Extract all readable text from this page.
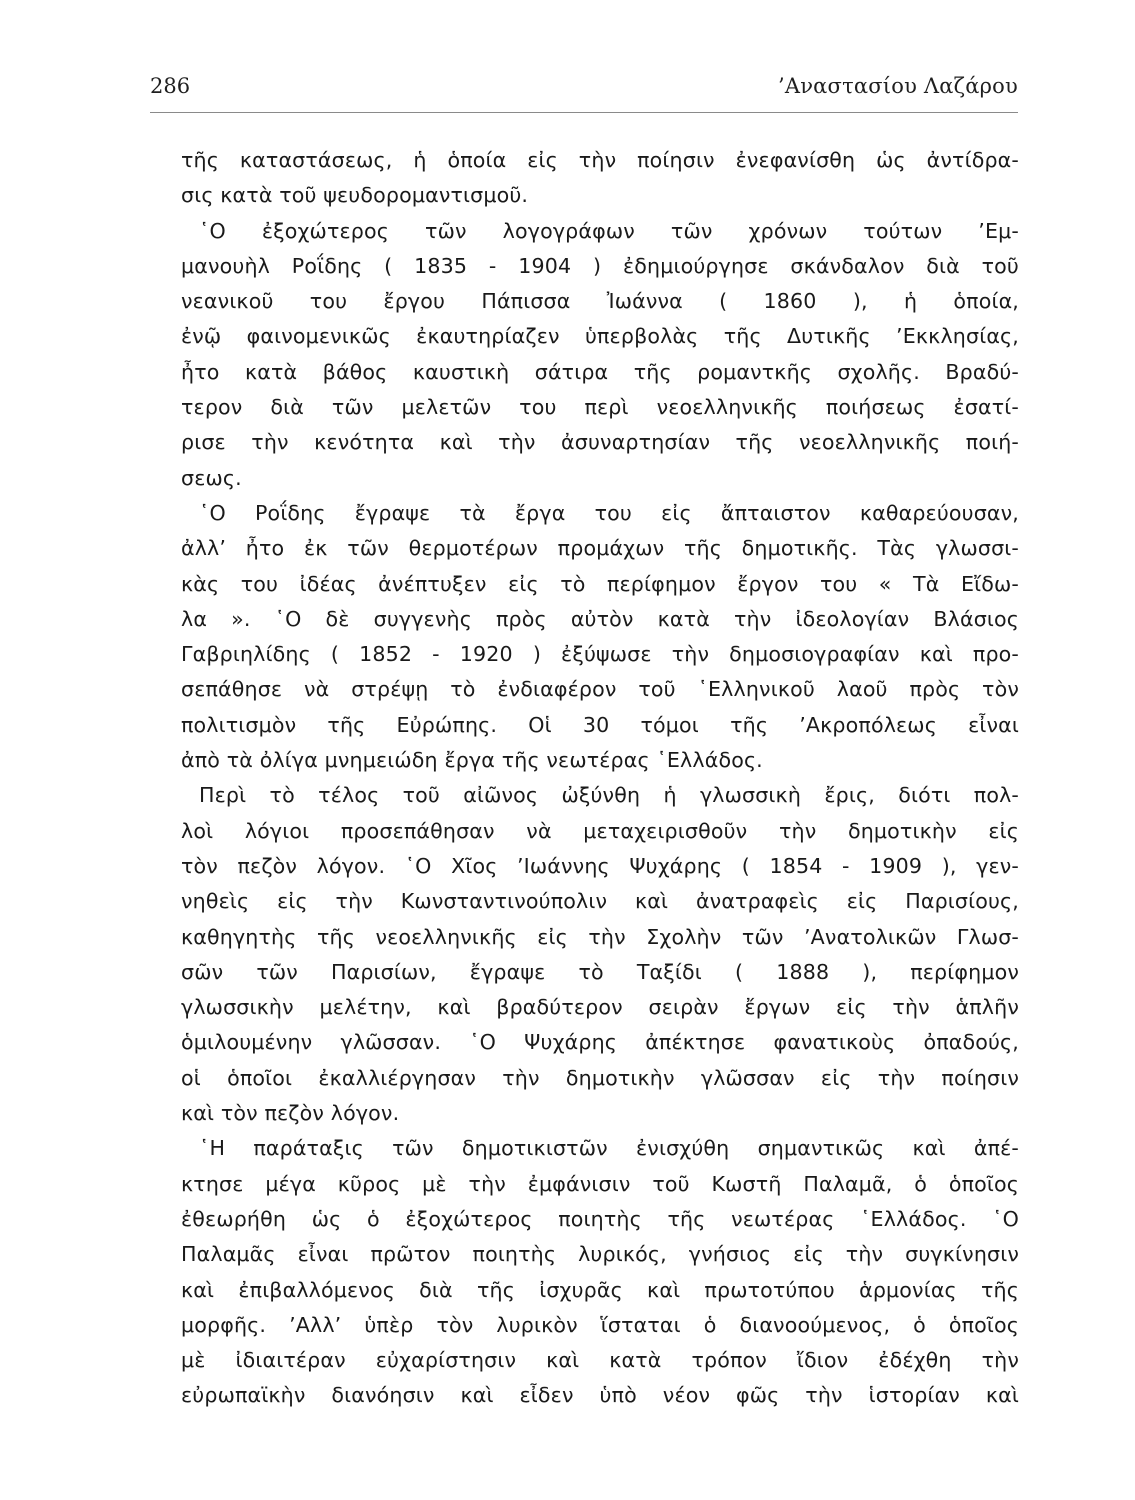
286	’Αναστασίου Λαζάρου
τῆς καταστάσεως, ἡ ὁποία εἰς τὴν ποίησιν ἐνεφανίσθη ὡς ἀντίδρα-
σις κατὰ τοῦ ψευδορομαντισμοῦ.
῾Ο ἐξοχώτερος τῶν λογογράφων τῶν χρόνων τούτων ’Εμ-
μανουὴλ Ροΐδης ( 1835 - 1904 ) ἐδημιούργησε σκάνδαλον διὰ τοῦ
νεανικοῦ του ἔργου Πάπισσα Ἰωάννα ( 1860 ), ἡ ὁποία,
ἐνῷ φαινομενικῶς ἐκαυτηρίαζεν ὑπερβολὰς τῆς Δυτικῆς ’Εκκλησίας,
ἦτο κατὰ βάθος καυστικὴ σάτιρα τῆς ρομαντκῆς σχολῆς. Βραδύ-
τερον διὰ τῶν μελετῶν του περὶ νεοελληνικῆς ποιήσεως ἐσατί-
ρισε τὴν κενότητα καὶ τὴν ἀσυναρτησίαν τῆς νεοελληνικῆς ποιή-
σεως.
῾Ο Ροΐδης ἔγραψε τὰ ἔργα του εἰς ἄπταιστον καθαρεύουσαν,
ἀλλ’ ἦτο ἐκ τῶν θερμοτέρων προμάχων τῆς δημοτικῆς. Τὰς γλωσσι-
κὰς του ἰδέας ἀνέπτυξεν εἰς τὸ περίφημον ἔργον του « Τὰ Εἴδω-
λα ». ῾Ο δὲ συγγενὴς πρὸς αὐτὸν κατὰ τὴν ἰδεολογίαν Βλάσιος
Γαβριηλίδης ( 1852 - 1920 ) ἐξύψωσε τὴν δημοσιογραφίαν καὶ προ-
σεπάθησε νὰ στρέψῃ τὸ ἐνδιαφέρον τοῦ ῾Ελληνικοῦ λαοῦ πρὸς τὸν
πολιτισμὸν τῆς Εὐρώπης. Οἱ 30 τόμοι τῆς ’Ακροπόλεως εἶναι
ἀπὸ τὰ ὀλίγα μνημειώδη ἔργα τῆς νεωτέρας ῾Ελλάδος.
Περὶ τὸ τέλος τοῦ αἰῶνος ὠξύνθη ἡ γλωσσικὴ ἔρις, διότι πολ-
λοὶ λόγιοι προσεπάθησαν νὰ μεταχειρισθοῦν τὴν δημοτικὴν εἰς
τὸν πεζὸν λόγον. ῾Ο Χῖος ’Ιωάννης Ψυχάρης ( 1854 - 1909 ), γεν-
νηθεὶς εἰς τὴν Κωνσταντινούπολιν καὶ ἀνατραφεὶς εἰς Παρισίους,
καθηγητὴς τῆς νεοελληνικῆς εἰς τὴν Σχολὴν τῶν ’Ανατολικῶν Γλωσ-
σῶν τῶν Παρισίων, ἔγραψε τὸ Ταξίδι ( 1888 ), περίφημον
γλωσσικὴν μελέτην, καὶ βραδύτερον σειρὰν ἔργων εἰς τὴν ἁπλῆν
ὁμιλουμένην γλῶσσαν. ῾Ο Ψυχάρης ἀπέκτησε φανατικοὺς ὀπαδούς,
οἱ ὁποῖοι ἐκαλλιέργησαν τὴν δημοτικὴν γλῶσσαν εἰς τὴν ποίησιν
καὶ τὸν πεζὸν λόγον.
῾Η παράταξις τῶν δημοτικιστῶν ἐνισχύθη σημαντικῶς καὶ ἀπέ-
κτησε μέγα κῦρος μὲ τὴν ἐμφάνισιν τοῦ Κωστῆ Παλαμᾶ, ὁ ὁποῖος
ἐθεωρήθη ὡς ὁ ἐξοχώτερος ποιητὴς τῆς νεωτέρας ῾Ελλάδος. ῾Ο
Παλαμᾶς εἶναι πρῶτον ποιητὴς λυρικός, γνήσιος εἰς τὴν συγκίνησιν
καὶ ἐπιβαλλόμενος διὰ τῆς ἰσχυρᾶς καὶ πρωτοτύπου ἁρμονίας τῆς
μορφῆς. ’Αλλ’ ὑπὲρ τὸν λυρικὸν ἵσταται ὁ διανοούμενος, ὁ ὁποῖος
μὲ ἰδιαιτέραν εὐχαρίστησιν καὶ κατὰ τρόπον ἴδιον ἐδέχθη τὴν
εὐρωπαϊκὴν διανόησιν καὶ εἶδεν ὑπὸ νέον φῶς τὴν ἱστορίαν καὶ
